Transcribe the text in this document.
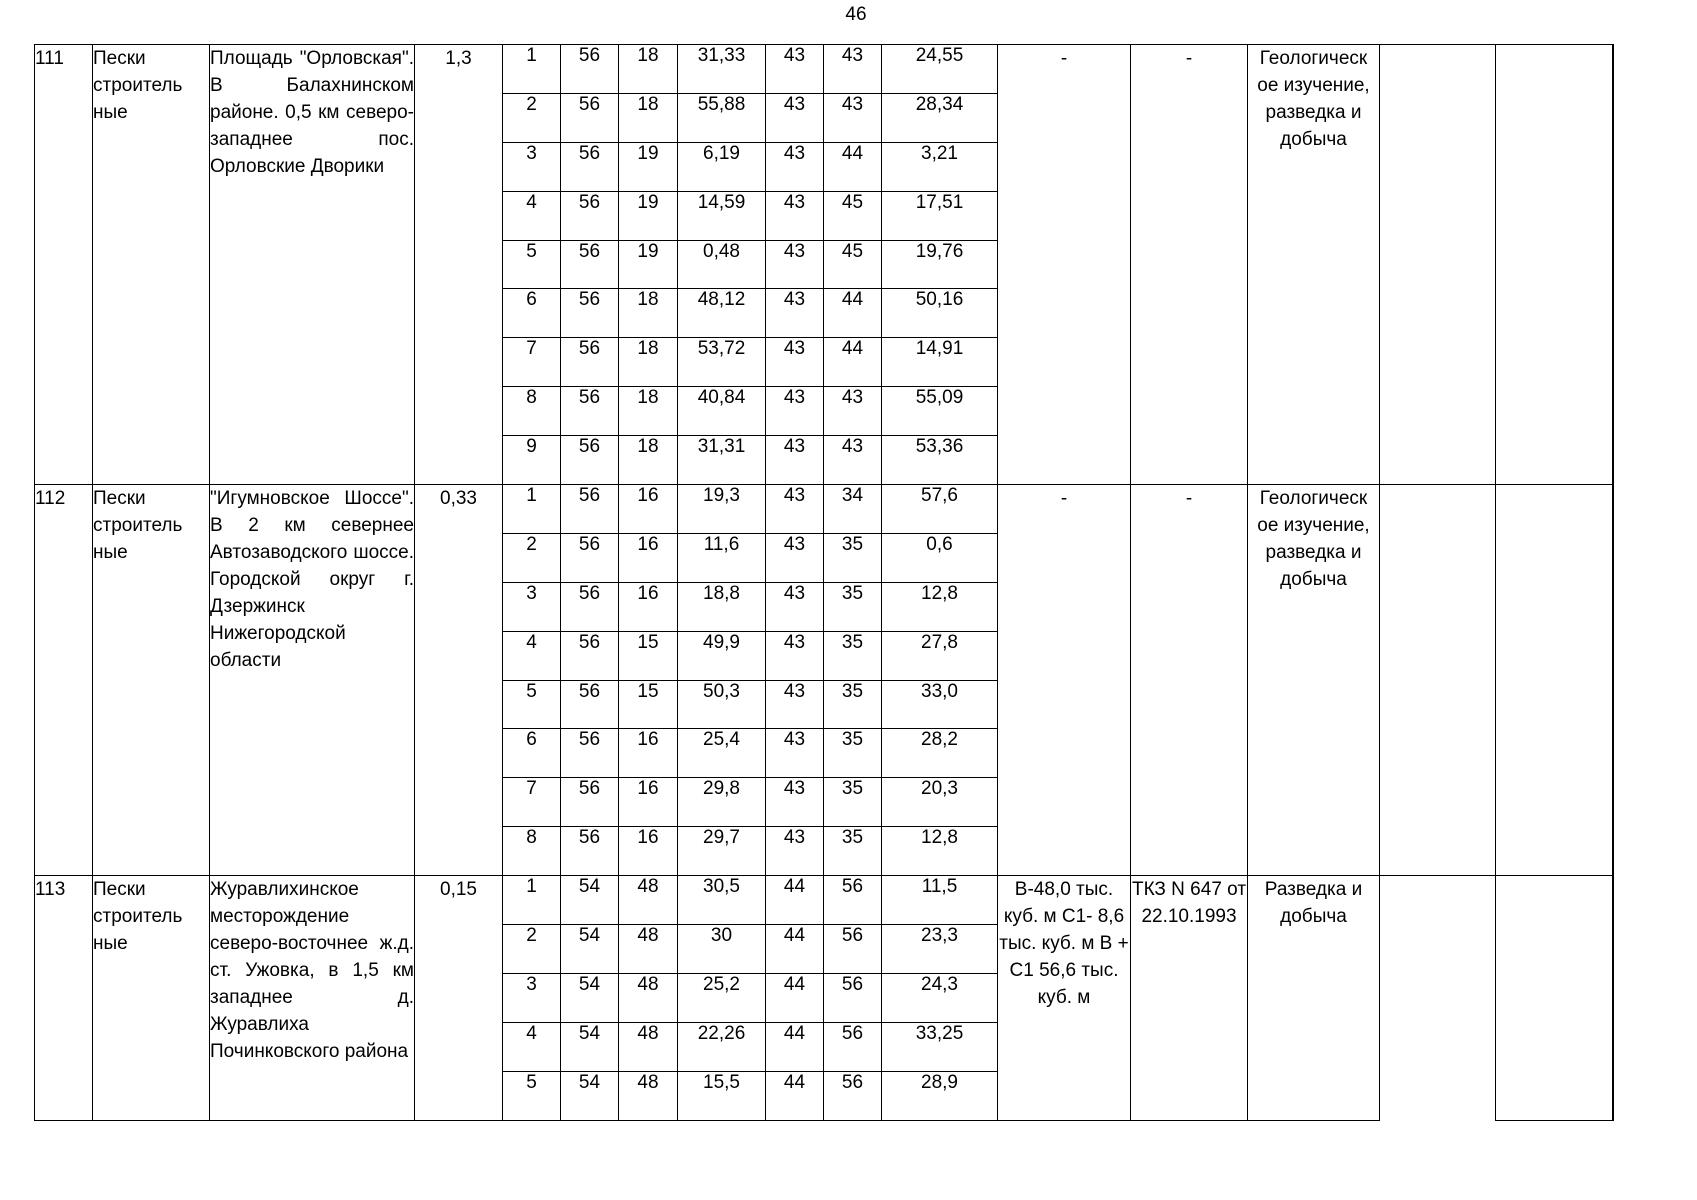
46
111	Пески строитель ные	Площадь "Орловская". В Балахнинском районе. 0,5 км северо-западнее пос. Орловские Дворики	1,3	1	56	18	31,33	43	43	24,55	-	-	Геологическ ое изучение, разведка и добыча			
				2	56	18	55,88	43	43	28,34						
				3	56	19	6,19	43	44	3,21						
				4	56	19	14,59	43	45	17,51						
				5	56	19	0,48	43	45	19,76						
				6	56	18	48,12	43	44	50,16						
				7	56	18	53,72	43	44	14,91						
				8	56	18	40,84	43	43	55,09						
				9	56	18	31,31	43	43	53,36						
112	Пески строитель ные	"Игумновское Шоссе". В 2 км севернее Автозаводского шоссе. Городской округ г. Дзержинск Нижегородской области	0,33	1	56	16	19,3	43	34	57,6	-	-	Геологическ ое изучение, разведка и добыча			
				2	56	16	11,6	43	35	0,6						
				3	56	16	18,8	43	35	12,8						
				4	56	15	49,9	43	35	27,8						
				5	56	15	50,3	43	35	33,0						
				6	56	16	25,4	43	35	28,2						
				7	56	16	29,8	43	35	20,3						
				8	56	16	29,7	43	35	12,8						
113	Пески строитель ные	Журавлихинское месторождение северо-восточнее ж.д. ст. Ужовка, в 1,5 км западнее д. Журавлиха Починковского района	0,15	1	54	48	30,5	44	56	11,5	В-48,0 тыс. куб. м С1- 8,6 тыс. куб. м В + С1 56,6 тыс. куб. м	ТКЗ N 647 от 22.10.1993	Разведка и добыча			
				2	54	48	30	44	56	23,3						
				3	54	48	25,2	44	56	24,3						
				4	54	48	22,26	44	56	33,25						
				5	54	48	15,5	44	56	28,9						
